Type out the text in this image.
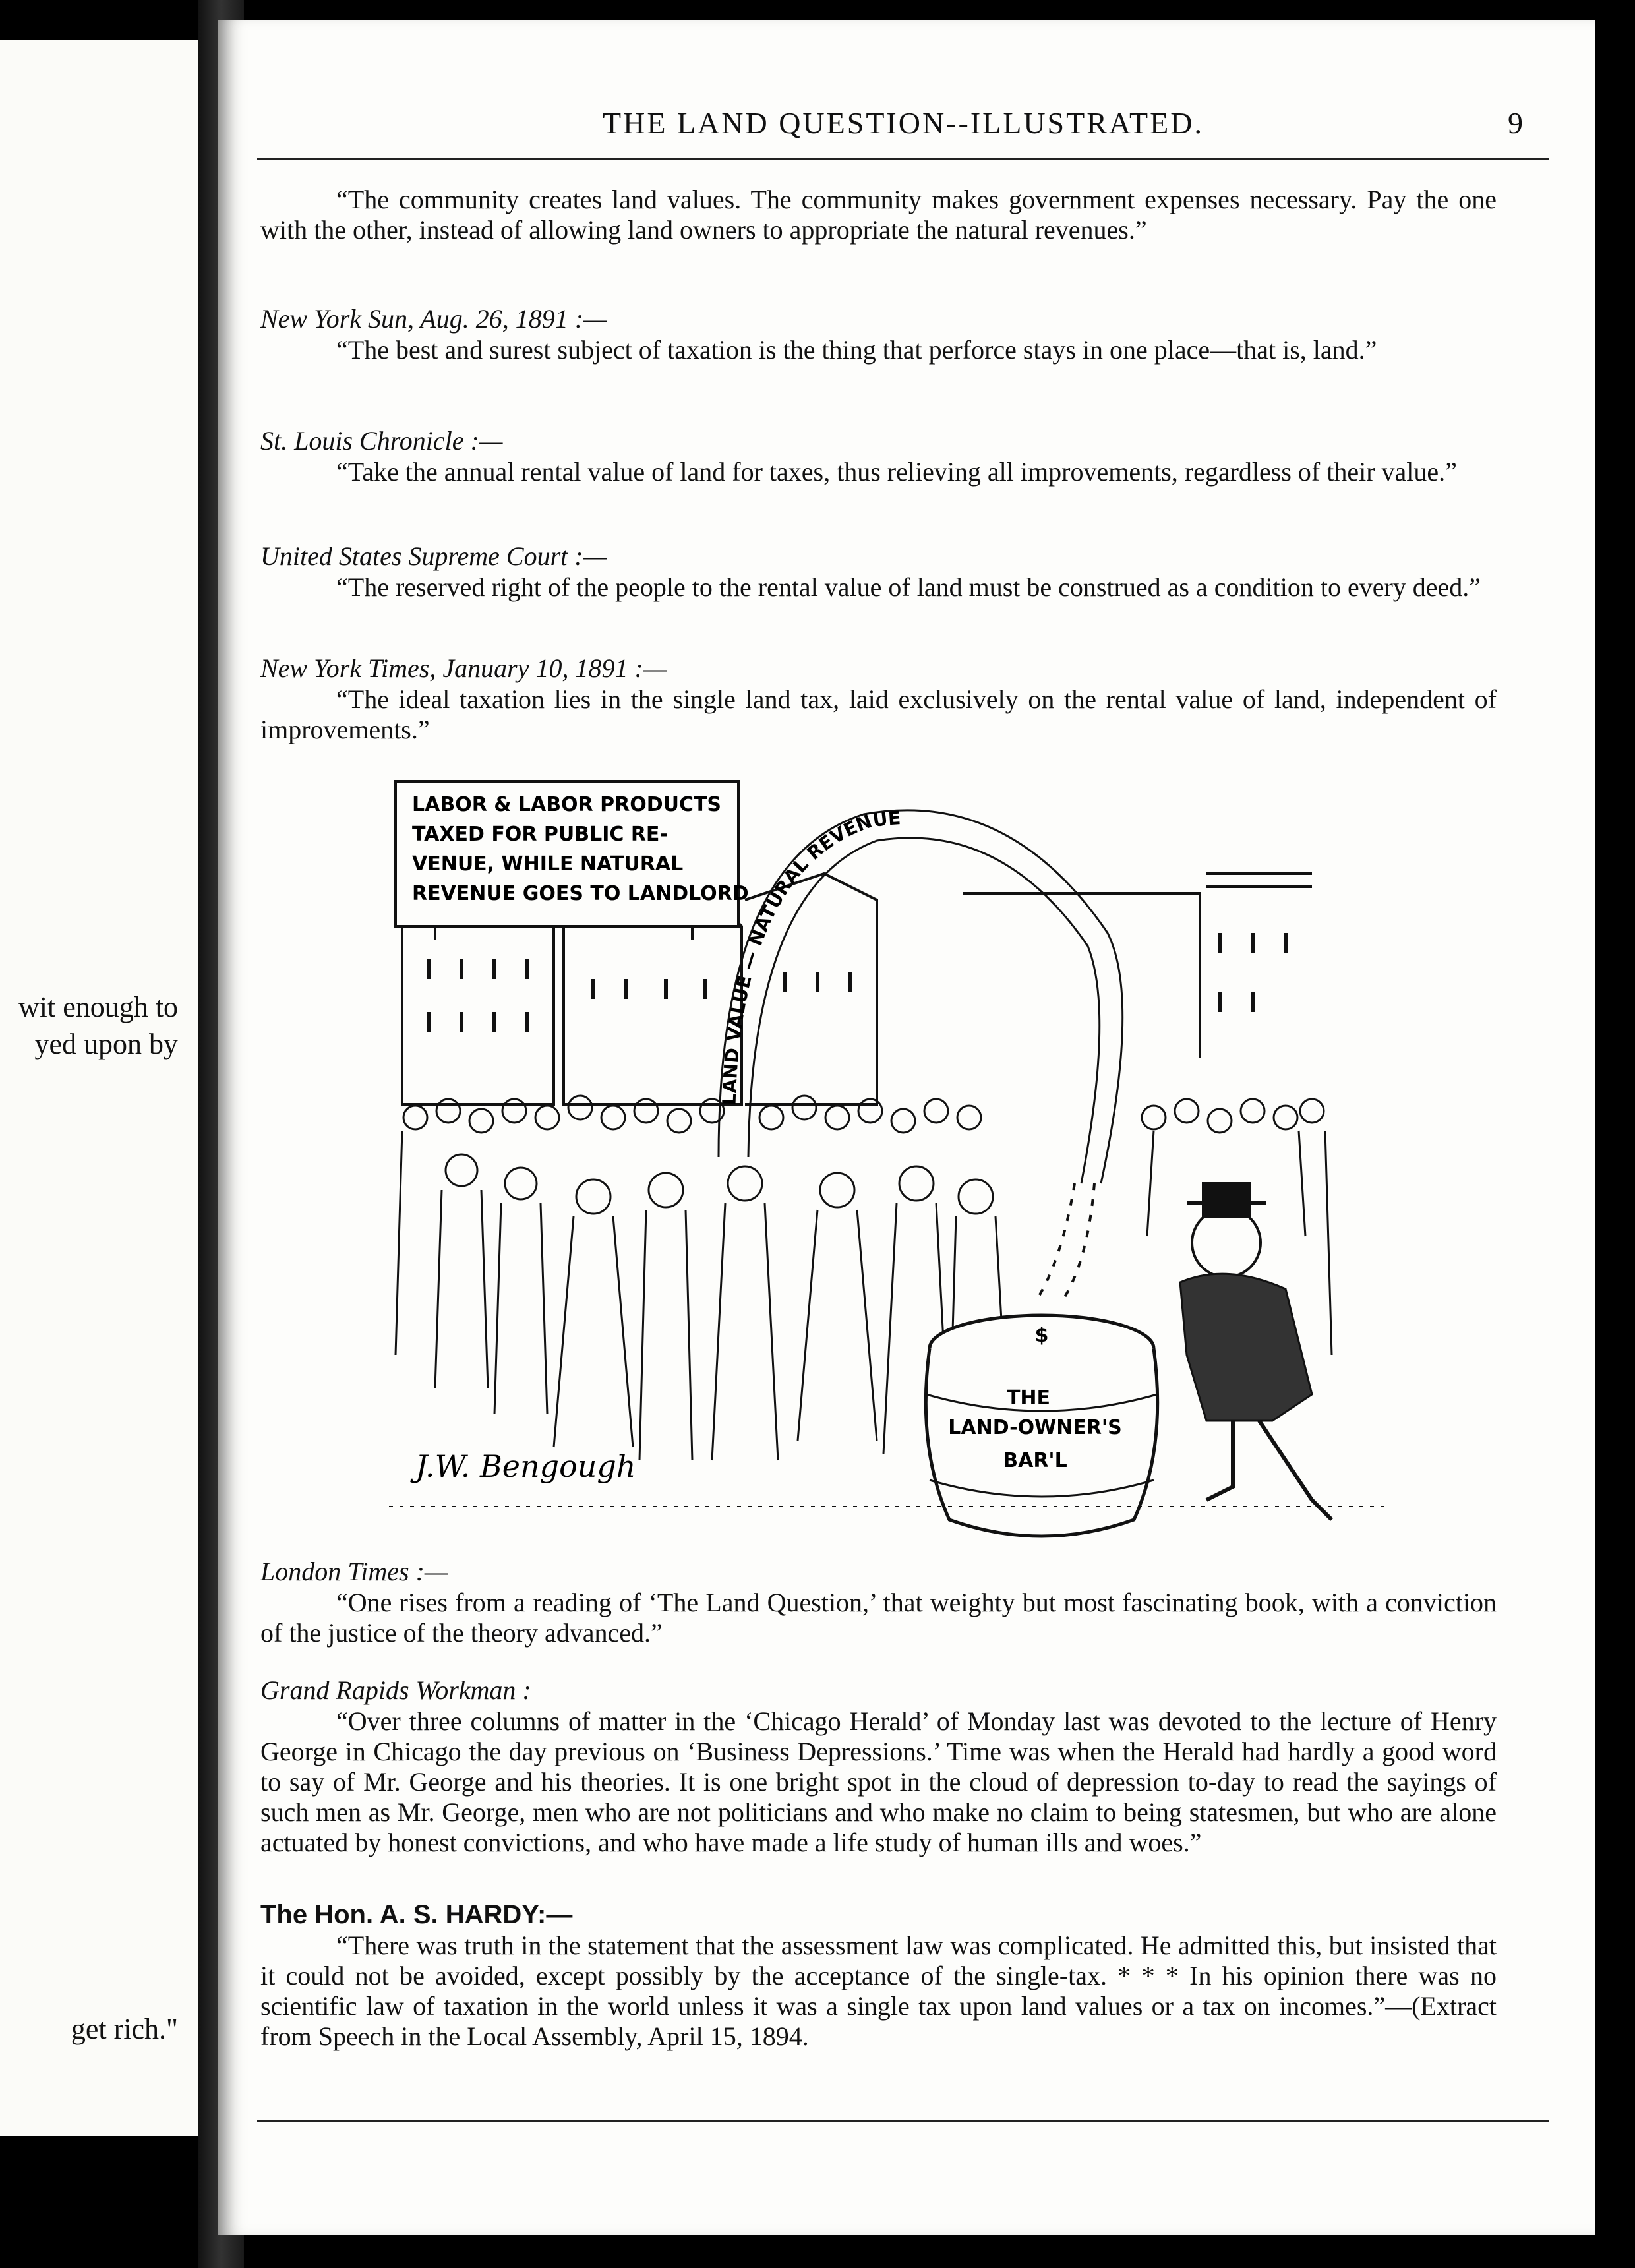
wit enough to
yed upon by
get rich."
THE LAND QUESTION--ILLUSTRATED.	9

“The community creates land values. The community makes government expenses necessary. Pay the one with the other, instead of allowing land owners to appropriate the natural revenues.”

New York Sun, Aug. 26, 1891 :—

“The best and surest subject of taxation is the thing that perforce stays in one place—that is, land.”

St. Louis Chronicle :—

“Take the annual rental value of land for taxes, thus relieving all improvements, regardless of their value.”

United States Supreme Court :—

“The reserved right of the people to the rental value of land must be construed as a condition to every deed.”

New York Times, January 10, 1891 :—

“The ideal taxation lies in the single land tax, laid exclusively on the rental value of land, independent of improvements.”

LABOR & LABOR PRODUCTS
TAXED FOR PUBLIC RE-
VENUE, WHILE NATURAL
REVENUE GOES TO LANDLORD
LAND VALUE — NATURAL REVENUE
$
THE
LAND-OWNER'S
BAR'L
J.W. Bengough

London Times :—

“One rises from a reading of ‘The Land Question,’ that weighty but most fascinating book, with a conviction of the justice of the theory advanced.”

Grand Rapids Workman :

“Over three columns of matter in the ‘Chicago Herald’ of Monday last was devoted to the lecture of Henry George in Chicago the day previous on ‘Business Depressions.’ Time was when the Herald had hardly a good word to say of Mr. George and his theories. It is one bright spot in the cloud of depression to-day to read the sayings of such men as Mr. George, men who are not politicians and who make no claim to being statesmen, but who are alone actuated by honest convictions, and who have made a life study of human ills and woes.”

The Hon. A. S. HARDY:—

“There was truth in the statement that the assessment law was complicated. He admitted this, but insisted that it could not be avoided, except possibly by the acceptance of the single-tax. * * * In his opinion there was no scientific law of taxation in the world unless it was a single tax upon land values or a tax on incomes.”—(Extract from Speech in the Local Assembly, April 15, 1894.
